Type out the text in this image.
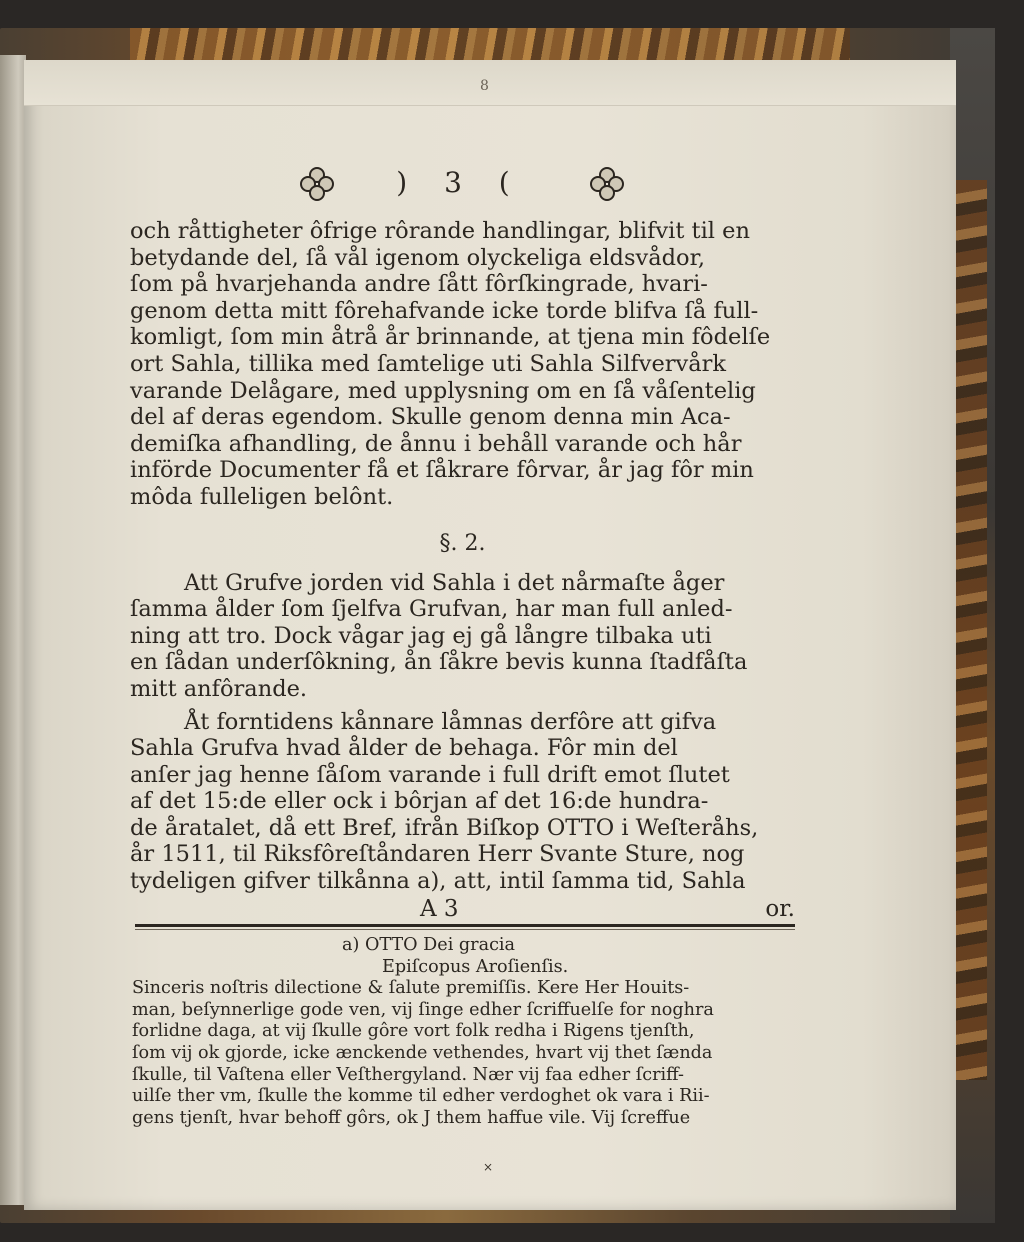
8
) 3 (

och råttigheter ôfrige rôrande handlingar, blifvit til en

betydande del, ſå vål igenom olyckeliga eldsvådor,

ſom på hvarjehanda andre ſått fôrſkingrade, hvari-

genom detta mitt fôrehafvande icke torde blifva ſå full-

komligt, ſom min åtrå år brinnande, at tjena min fôdelſe

ort Sahla, tillika med ſamtelige uti Sahla Silfvervårk

varande Delågare, med upplysning om en ſå våſentelig

del af deras egendom. Skulle genom denna min Aca-

demiſka afhandling, de ånnu i behåll varande och hår

införde Documenter få et ſåkrare fôrvar, år jag fôr min

môda fulleligen belônt.

§. 2.

Att Grufve jorden vid Sahla i det nårmaſte åger

ſamma ålder ſom ſjelfva Grufvan, har man full anled-

ning att tro. Dock vågar jag ej gå långre tilbaka uti

en ſådan underſôkning, ån ſåkre bevis kunna ſtadfåſta

mitt anfôrande.

Åt forntidens kånnare låmnas derfôre att gifva

Sahla Grufva hvad ålder de behaga. Fôr min del

anſer jag henne ſåſom varande i full drift emot ſlutet

af det 15:de eller ock i bôrjan af det 16:de hundra-

de åratalet, då ett Bref, ifrån Biſkop OTTO i Weſteråhs,

år 1511, til Riksfôreſtåndaren Herr Svante Sture, nog

tydeligen gifver tilkånna a), att, intil ſamma tid, Sahla

A 3	or.

a) OTTO Dei gracia

Epiſcopus Aroſienſis.

Sinceris noſtris dilectione & ſalute premiſſis. Kere Her Houits-

man, beſynnerlige gode ven, vij ſinge edher ſcriffuelſe for noghra

forlidne daga, at vij ſkulle gôre vort folk redha i Rigens tjenſth,

ſom vij ok gjorde, icke ænckende vethendes, hvart vij thet ſænda

ſkulle, til Vaſtena eller Veſthergyland. Nær vij faa edher ſcriff-

uilſe ther vm, ſkulle the komme til edher verdoghet ok vara i Rii-

gens tjenſt, hvar behoff gôrs, ok J them haffue vile. Vij ſcreffue

×
